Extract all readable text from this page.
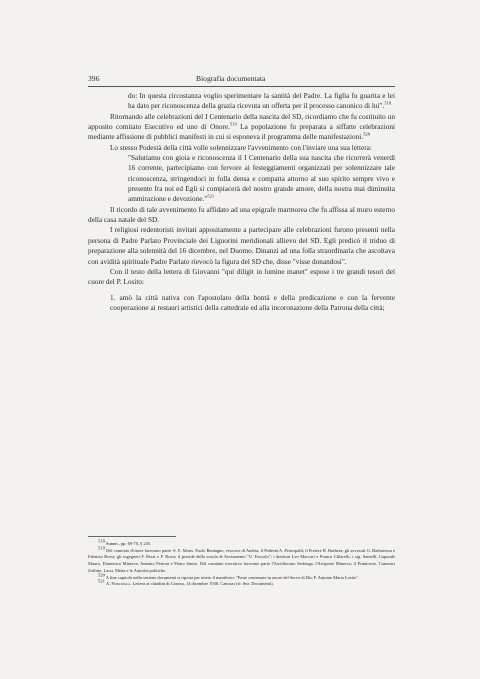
396	Biografia documentata

do: In questa circostanza voglio sperimentare la santità del Padre. La figlia fu guarita e lei ha dato per riconoscenza della grazia ricevuta un offerta per il processo canonico di lui".$^{518}$

Ritornando alle celebrazioni del I Centenario della nascita del SD, ricordiamo che fu costituito un apposito comitato Esecutivo ed uno di Onore.$^{519}$ La popolazione fu preparata a siffatte celebrazioni mediante affissione di pubblici manifesti in cui si esponeva il programma delle manifestazioni.$^{520}$

Lo stesso Podestà della città volle solennizzare l'avvenimento con l'inviare una sua lettera:

"Salutiamo con gioia e riconoscenza il I Centenario della sua nascita che ricorrerà venerdì 16 corrente, partecipiamo con fervore ai festeggiamenti organizzati per solennizzare tale riconoscenza, stringendoci in folla densa e compatta attorno al suo spirito sempre vivo e presente fra noi ed Egli si compiacerà del nostro grande amore, della nostra mai diminuita ammirazione e devozione."$^{521}$

Il ricordo di tale avvenimento fu affidato ad una epigrafe marmorea che fu affissa al muro esterno della casa natale del SD.

I religiosi redentoristi invitati appositamente a partecipare alle celebrazioni furono presenti nella persona di Padre Parlato Provinciale dei Liguorini meridionali allievo del SD. Egli predicò il triduo di preparazione alla solennità del 16 dicembre, nel Duomo. Dinanzi ad una folla straordinaria che ascoltava con avidità spirituale Padre Parlato rievocò la figura del SD che, disse "visse donandosi".

Con il testo della lettera di Giovanni "qui diligit in lumine manet" espose i tre grandi tesori del cuore del P. Losito:

1. amò la città nativa con l'apostolato della bontà e della predicazione e con la fervente cooperazione ai restauri artistici della cattedrale ed alla incoronazione della Patrona della città;

$^{518}$ Summ., pp. 69-70, § 235.

$^{519}$ Del comitato d'onore facevano parte: S. E. Mons. Paolo Bentagno, vescovo di Andria; il Podestà A. Principalli; il Pretore R. Barbera; gli avvocati G. Barbarossa e Fabrizio Rossi; gli ingegneri F. Rizzi e F. Rossi; il preside della scuola di Avviamento "U. Foscolo"; i direttori Leo Maccari e Franco Cillarelli; i sig. Santelli, Caporale Mauro, Domenico Minerva, Antonio Petroni e Pietro Sinesi. Del comitato esecutivo facevano parte l'Arcidiacono Serlenga, l'Arciprete Minerva, il Primicerio, Canonici Zaffino, Lassi, Metta e le Autorità politiche.

$^{520}$ A fine capitolo nella sezione documenti si riporta per intero il manifesto: "Feste centenarie in onore del Servo di Dio P. Antonio Maria Losito".

$^{521}$ A. Principalli. Lettera ai cittadini di Canosa, 14 dicembre 1938, Canosa (cfr. Sez. Documenti).
